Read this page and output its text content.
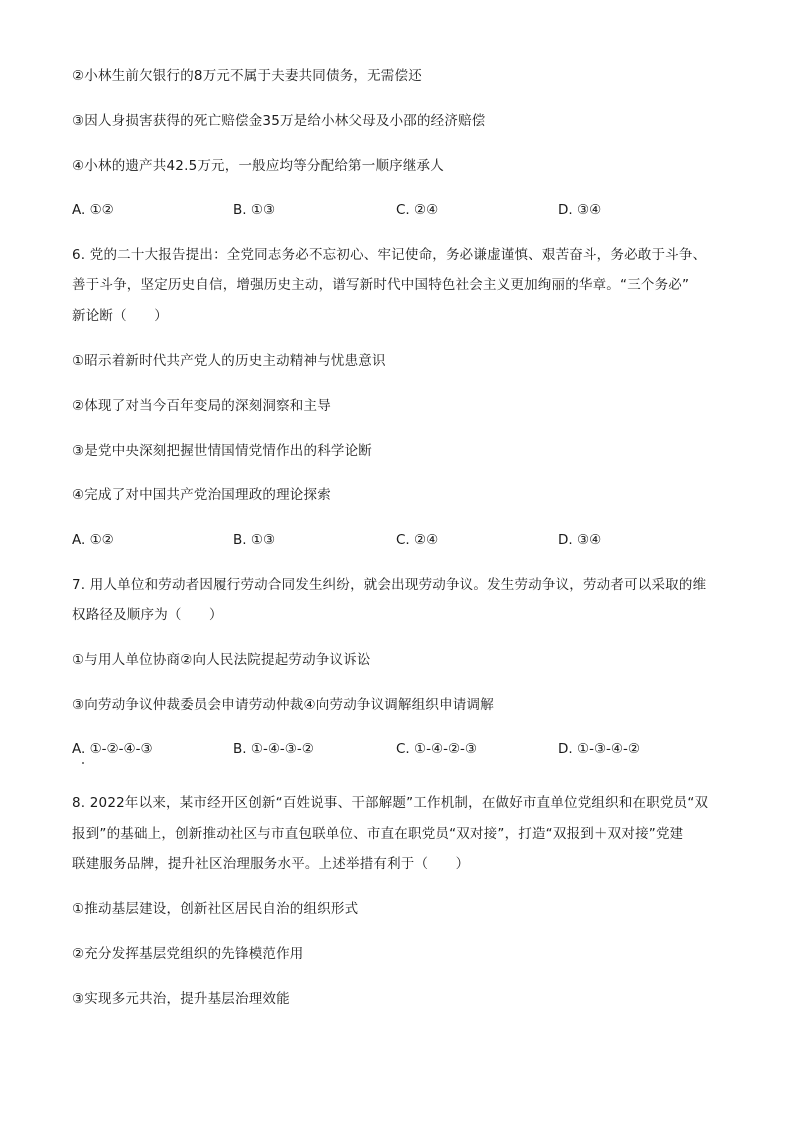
②小林生前欠银行的8万元不属于夫妻共同债务，无需偿还
③因人身损害获得的死亡赔偿金35万是给小林父母及小邵的经济赔偿
④小林的遗产共42.5万元，一般应均等分配给第一顺序继承人
A. ①②	B. ①③	C. ②④	D. ③④
6. 党的二十大报告提出：全党同志务必不忘初心、牢记使命，务必谦虚谨慎、艰苦奋斗，务必敢于斗争、
善于斗争，坚定历史自信，增强历史主动，谱写新时代中国特色社会主义更加绚丽的华章。“三个务必”
新论断（　　）
①昭示着新时代共产党人的历史主动精神与忧患意识
②体现了对当今百年变局的深刻洞察和主导
③是党中央深刻把握世情国情党情作出的科学论断
④完成了对中国共产党治国理政的理论探索
A. ①②	B. ①③	C. ②④	D. ③④
7. 用人单位和劳动者因履行劳动合同发生纠纷，就会出现劳动争议。发生劳动争议，劳动者可以采取的维
权路径及顺序为（　　）
①与用人单位协商②向人民法院提起劳动争议诉讼
③向劳动争议仲裁委员会申请劳动仲裁④向劳动争议调解组织申请调解
A. ①-②-④-③	B. ①-④-③-②	C. ①-④-②-③	D. ①-③-④-②
8. 2022年以来，某市经开区创新“百姓说事、干部解题”工作机制，在做好市直单位党组织和在职党员“双
报到”的基础上，创新推动社区与市直包联单位、市直在职党员“双对接”，打造“双报到＋双对接”党建
联建服务品牌，提升社区治理服务水平。上述举措有利于（　　）
①推动基层建设，创新社区居民自治的组织形式
②充分发挥基层党组织的先锋模范作用
③实现多元共治，提升基层治理效能
